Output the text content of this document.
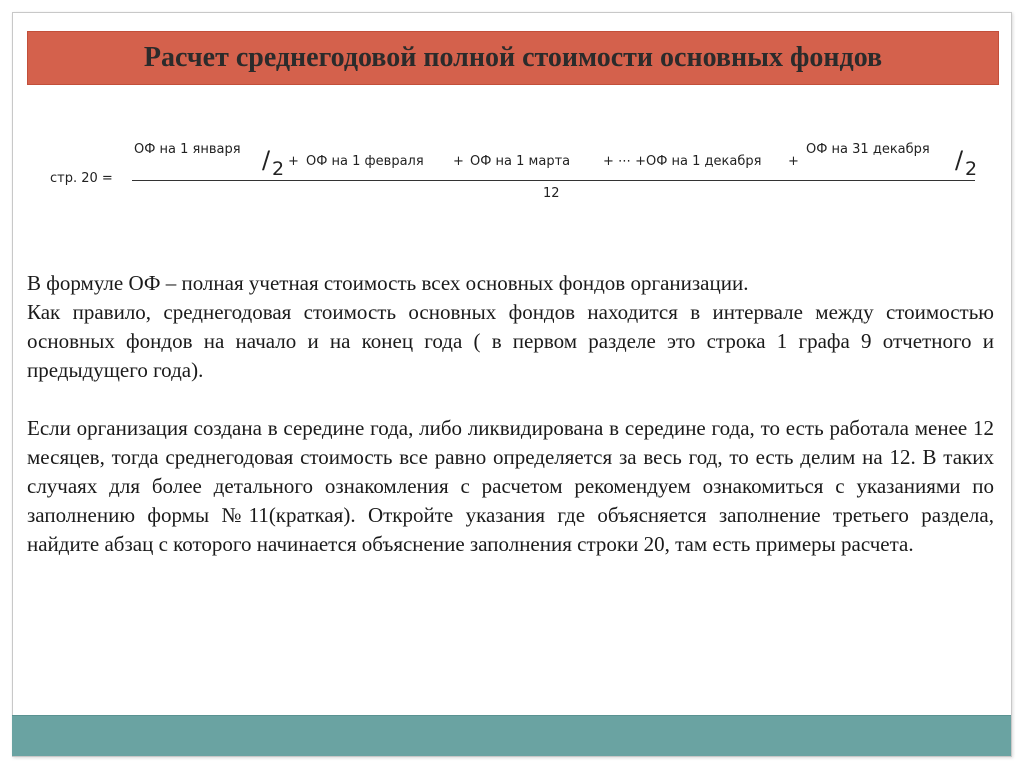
Расчет среднегодовой полной стоимости основных фондов
стр. 20 =
ОФ на 1 января / 2 + ОФ на 1 февраля + ОФ на 1 марта	+ ⋯ + ОФ на 1 декабря +
ОФ на 31 декабря / 2
12

В формуле ОФ – полная учетная стоимость всех основных фондов организации.

Как правило, среднегодовая стоимость основных фондов находится в интервале между стоимостью основных фондов на начало и на конец года ( в первом разделе это строка 1 графа 9 отчетного и предыдущего года).

Если организация создана в середине года, либо ликвидирована в середине года, то есть работала менее 12 месяцев, тогда среднегодовая стоимость все равно определяется за весь год, то есть делим на 12. В таких случаях для более детального ознакомления с расчетом рекомендуем ознакомиться с указаниями по заполнению формы №11(краткая). Откройте указания где объясняется заполнение третьего раздела, найдите абзац с которого начинается объяснение заполнения строки 20, там есть примеры расчета.
